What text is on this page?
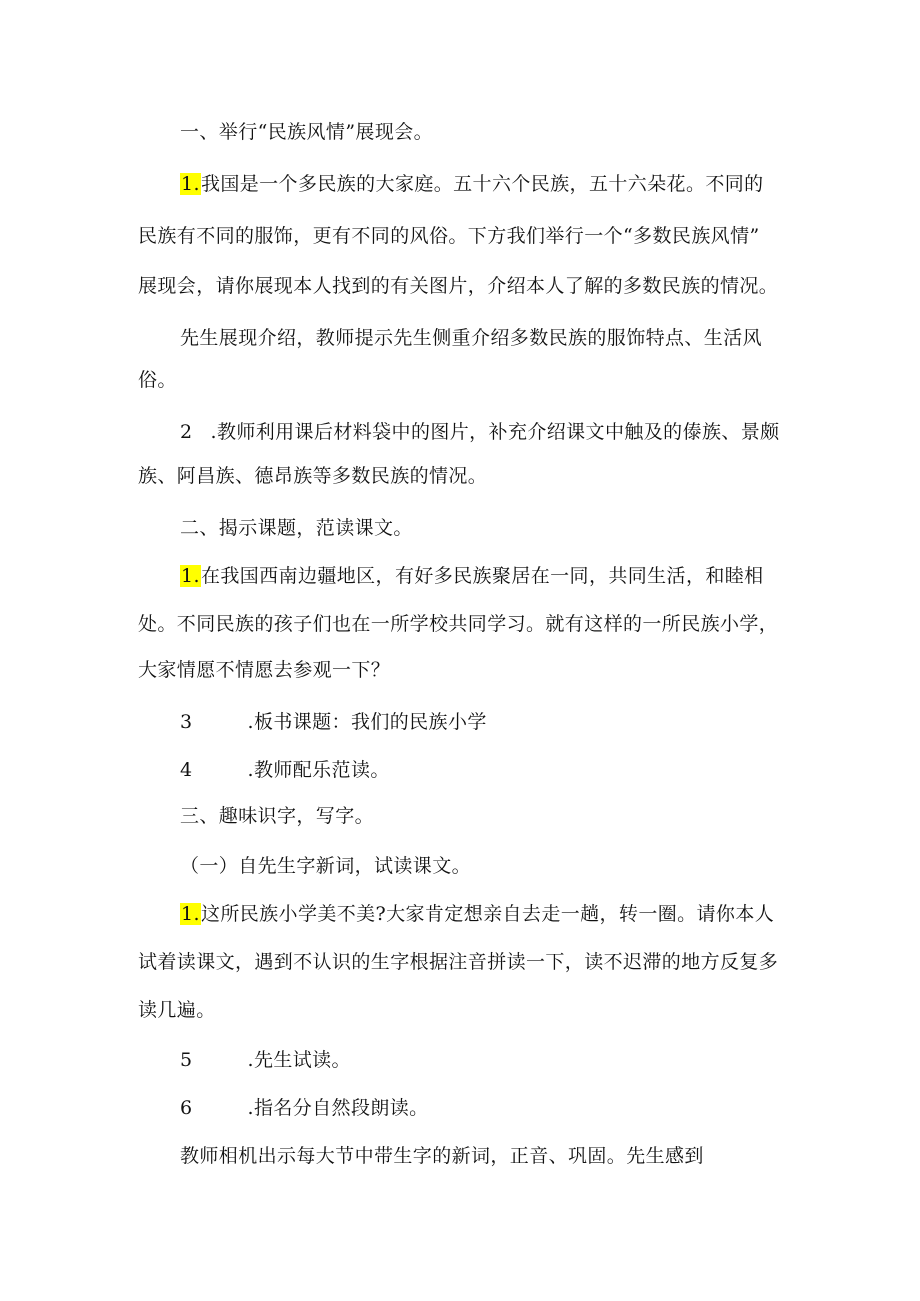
一、举行“民族风情”展现会。
1.我国是一个多民族的大家庭。五十六个民族，五十六朵花。不同的
民族有不同的服饰，更有不同的风俗。下方我们举行一个“多数民族风情”
展现会，请你展现本人找到的有关图片，介绍本人了解的多数民族的情况。
先生展现介绍，教师提示先生侧重介绍多数民族的服饰特点、生活风
俗。
2 .教师利用课后材料袋中的图片，补充介绍课文中触及的傣族、景颇
族、阿昌族、德昂族等多数民族的情况。
二、揭示课题，范读课文。
1.在我国西南边疆地区，有好多民族聚居在一同，共同生活，和睦相
处。不同民族的孩子们也在一所学校共同学习。就有这样的一所民族小学，
大家情愿不情愿去参观一下？
3	.板书课题：我们的民族小学
4	.教师配乐范读。
三、趣味识字，写字。
（一）自先生字新词，试读课文。
1.这所民族小学美不美?大家肯定想亲自去走一趟，转一圈。请你本人
试着读课文，遇到不认识的生字根据注音拼读一下，读不迟滞的地方反复多
读几遍。
5	.先生试读。
6	.指名分自然段朗读。
教师相机出示每大节中带生字的新词，正音、巩固。先生感到
